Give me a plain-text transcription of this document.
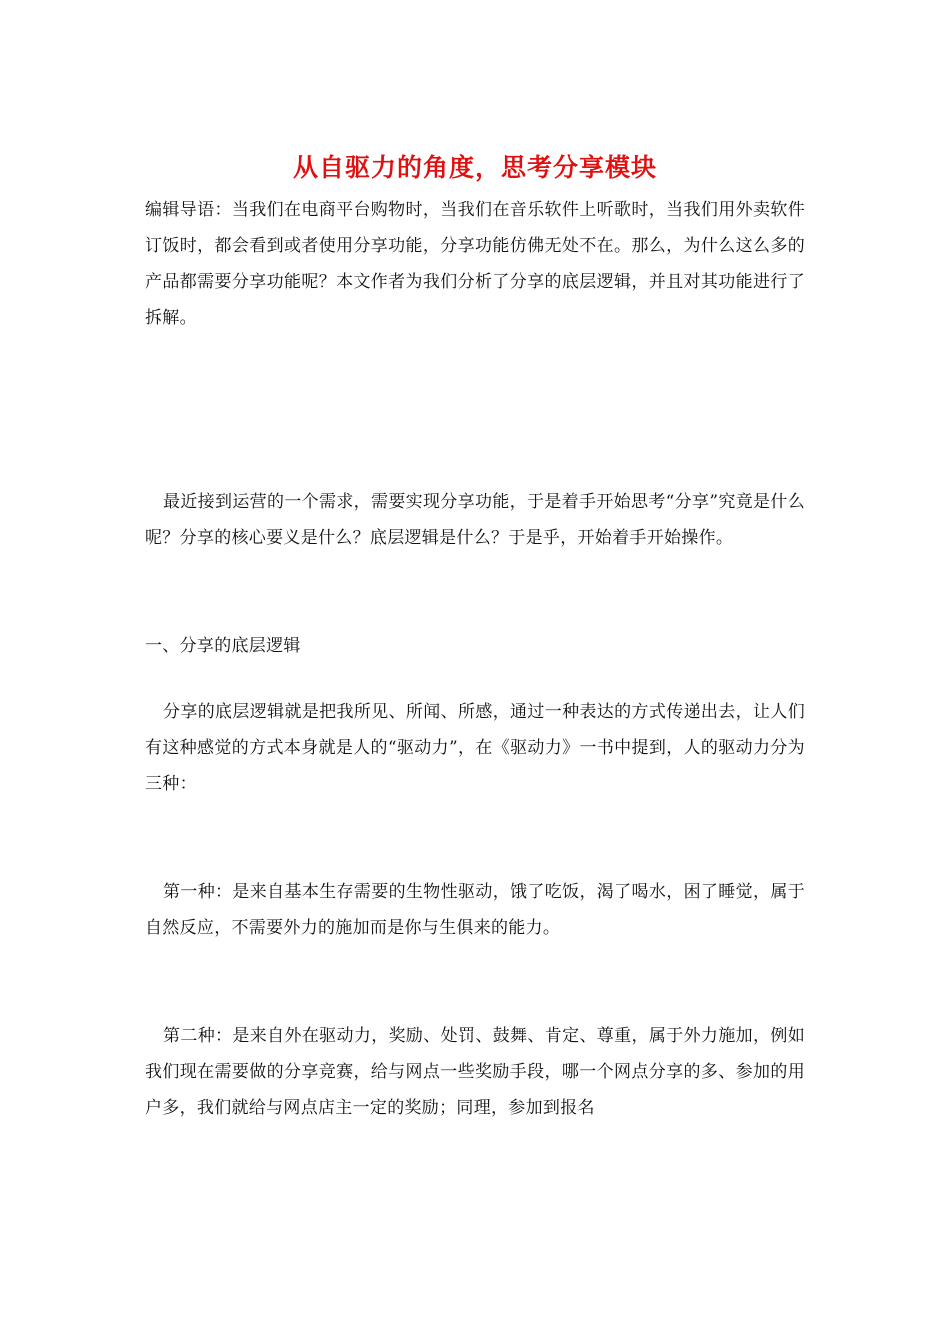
从自驱力的角度，思考分享模块

编辑导语：当我们在电商平台购物时，当我们在音乐软件上听歌时，当我们用外卖软件订饭时，都会看到或者使用分享功能，分享功能仿佛无处不在。那么，为什么这么多的产品都需要分享功能呢？本文作者为我们分析了分享的底层逻辑，并且对其功能进行了拆解。

最近接到运营的一个需求，需要实现分享功能，于是着手开始思考“分享”究竟是什么呢？分享的核心要义是什么？底层逻辑是什么？于是乎，开始着手开始操作。

一、分享的底层逻辑

分享的底层逻辑就是把我所见、所闻、所感，通过一种表达的方式传递出去，让人们有这种感觉的方式本身就是人的“驱动力”，在《驱动力》一书中提到，人的驱动力分为三种：

第一种：是来自基本生存需要的生物性驱动，饿了吃饭，渴了喝水，困了睡觉，属于自然反应，不需要外力的施加而是你与生俱来的能力。

第二种：是来自外在驱动力，奖励、处罚、鼓舞、肯定、尊重，属于外力施加，例如我们现在需要做的分享竞赛，给与网点一些奖励手段，哪一个网点分享的多、参加的用户多，我们就给与网点店主一定的奖励；同理，参加到报名
